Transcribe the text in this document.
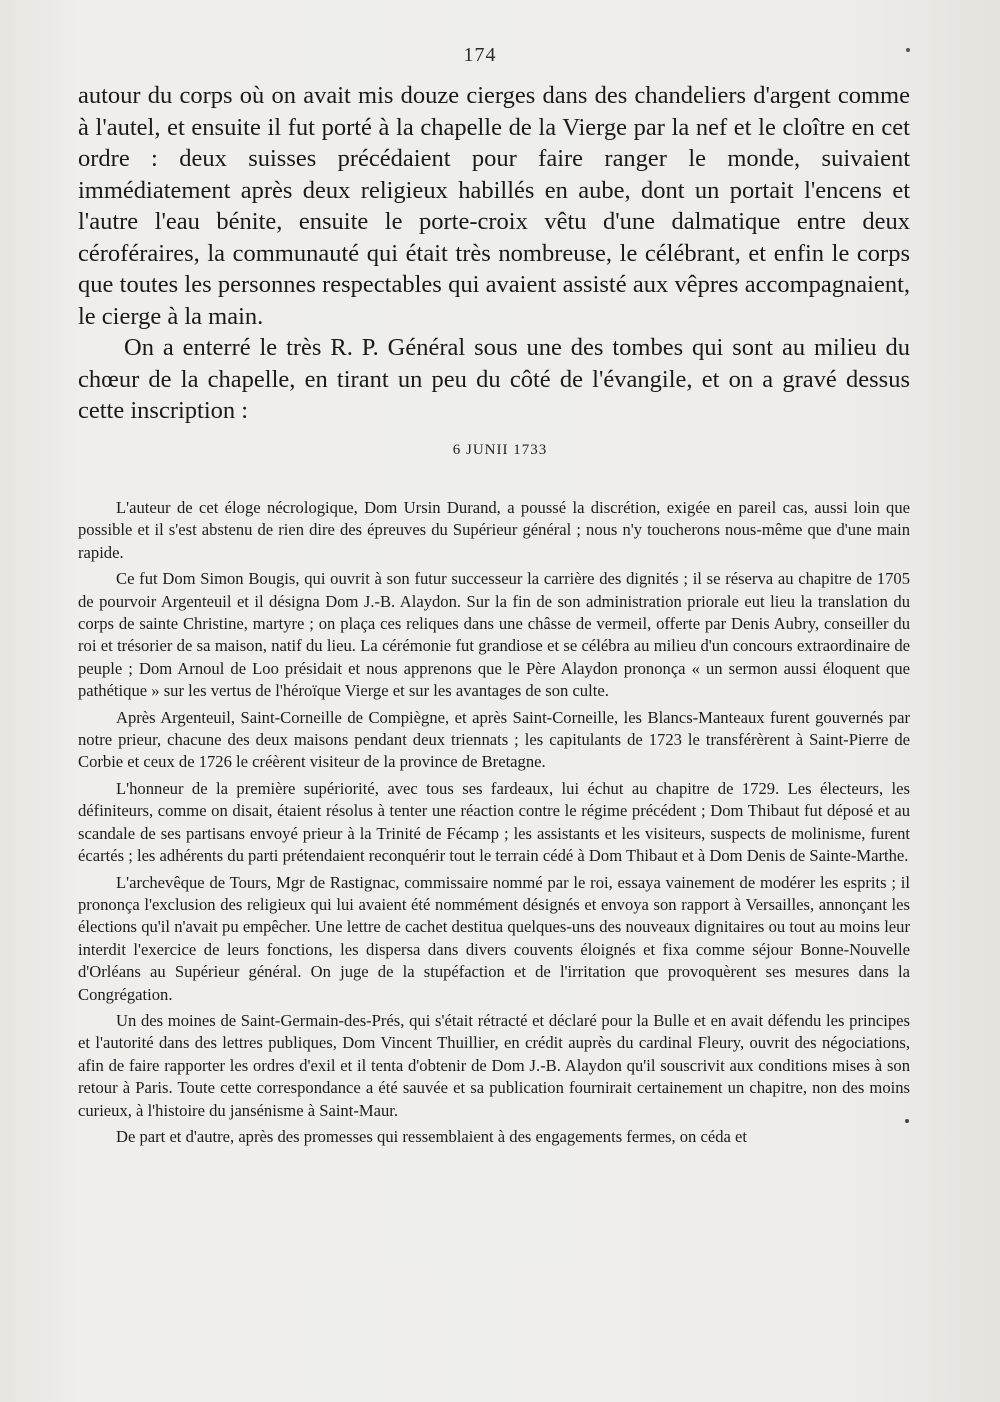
174

autour du corps où on avait mis douze cierges dans des chandeliers d'argent comme à l'autel, et ensuite il fut porté à la chapelle de la Vierge par la nef et le cloître en cet ordre : deux suisses précédaient pour faire ranger le monde, suivaient immédiatement après deux religieux habillés en aube, dont un portait l'encens et l'autre l'eau bénite, ensuite le porte-croix vêtu d'une dalmatique entre deux céroféraires, la communauté qui était très nombreuse, le célébrant, et enfin le corps que toutes les personnes respectables qui avaient assisté aux vêpres accompagnaient, le cierge à la main.

On a enterré le très R. P. Général sous une des tombes qui sont au milieu du chœur de la chapelle, en tirant un peu du côté de l'évangile, et on a gravé dessus cette inscription :

6 JUNII 1733

L'auteur de cet éloge nécrologique, Dom Ursin Durand, a poussé la discrétion, exigée en pareil cas, aussi loin que possible et il s'est abstenu de rien dire des épreuves du Supérieur général ; nous n'y toucherons nous-même que d'une main rapide.

Ce fut Dom Simon Bougis, qui ouvrit à son futur successeur la carrière des dignités ; il se réserva au chapitre de 1705 de pourvoir Argenteuil et il désigna Dom J.-B. Alaydon. Sur la fin de son administration priorale eut lieu la translation du corps de sainte Christine, martyre ; on plaça ces reliques dans une châsse de vermeil, offerte par Denis Aubry, conseiller du roi et trésorier de sa maison, natif du lieu. La cérémonie fut grandiose et se célébra au milieu d'un concours extraordinaire de peuple ; Dom Arnoul de Loo présidait et nous apprenons que le Père Alaydon prononça « un sermon aussi éloquent que pathétique » sur les vertus de l'héroïque Vierge et sur les avantages de son culte.

Après Argenteuil, Saint-Corneille de Compiègne, et après Saint-Corneille, les Blancs-Manteaux furent gouvernés par notre prieur, chacune des deux maisons pendant deux triennats ; les capitulants de 1723 le transférèrent à Saint-Pierre de Corbie et ceux de 1726 le créèrent visiteur de la province de Bretagne.

L'honneur de la première supériorité, avec tous ses fardeaux, lui échut au chapitre de 1729. Les électeurs, les définiteurs, comme on disait, étaient résolus à tenter une réaction contre le régime précédent ; Dom Thibaut fut déposé et au scandale de ses partisans envoyé prieur à la Trinité de Fécamp ; les assistants et les visiteurs, suspects de molinisme, furent écartés ; les adhérents du parti prétendaient reconquérir tout le terrain cédé à Dom Thibaut et à Dom Denis de Sainte-Marthe.

L'archevêque de Tours, Mgr de Rastignac, commissaire nommé par le roi, essaya vainement de modérer les esprits ; il prononça l'exclusion des religieux qui lui avaient été nommément désignés et envoya son rapport à Versailles, annonçant les élections qu'il n'avait pu empêcher. Une lettre de cachet destitua quelques-uns des nouveaux dignitaires ou tout au moins leur interdit l'exercice de leurs fonctions, les dispersa dans divers couvents éloignés et fixa comme séjour Bonne-Nouvelle d'Orléans au Supérieur général. On juge de la stupéfaction et de l'irritation que provoquèrent ses mesures dans la Congrégation.

Un des moines de Saint-Germain-des-Prés, qui s'était rétracté et déclaré pour la Bulle et en avait défendu les principes et l'autorité dans des lettres publiques, Dom Vincent Thuillier, en crédit auprès du cardinal Fleury, ouvrit des négociations, afin de faire rapporter les ordres d'exil et il tenta d'obtenir de Dom J.-B. Alaydon qu'il souscrivit aux conditions mises à son retour à Paris. Toute cette correspondance a été sauvée et sa publication fournirait certainement un chapitre, non des moins curieux, à l'histoire du jansénisme à Saint-Maur.

De part et d'autre, après des promesses qui ressemblaient à des engagements fermes, on céda et
